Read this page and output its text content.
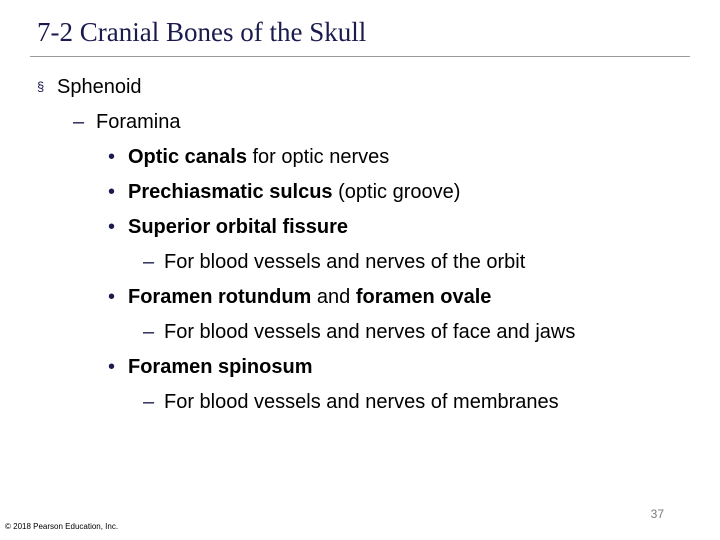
7-2 Cranial Bones of the Skull
§ Sphenoid
– Foramina
• Optic canals for optic nerves
• Prechiasmatic sulcus (optic groove)
• Superior orbital fissure
– For blood vessels and nerves of the orbit
• Foramen rotundum and foramen ovale
– For blood vessels and nerves of face and jaws
• Foramen spinosum
– For blood vessels and nerves of membranes
37
© 2018 Pearson Education, Inc.
